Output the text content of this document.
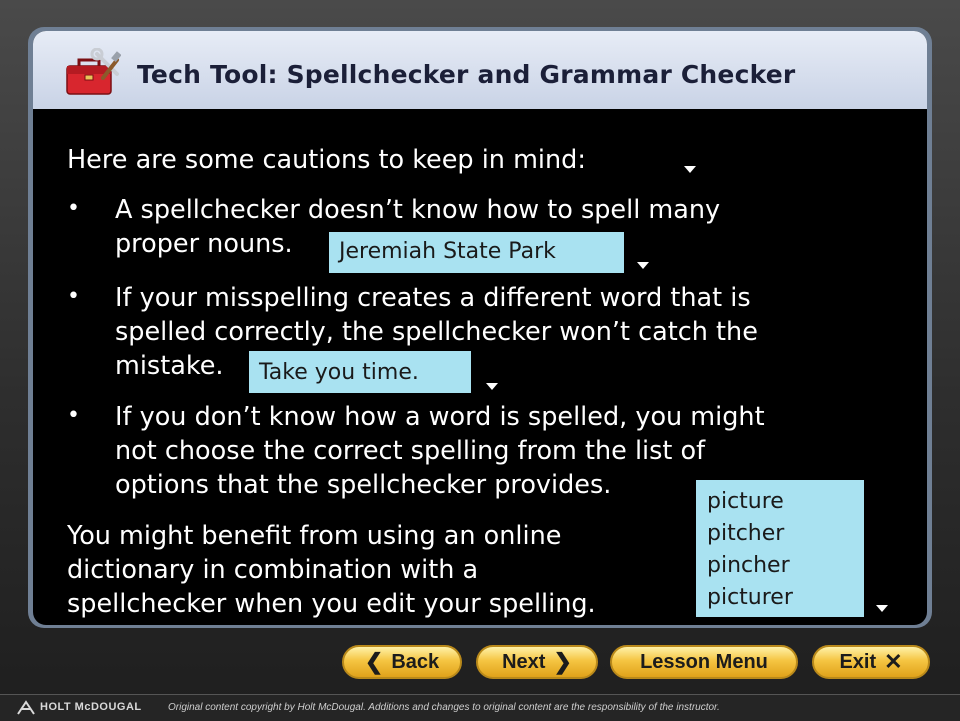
Tech Tool: Spellchecker and Grammar Checker
Here are some cautions to keep in mind:
• A spellchecker doesn’t know how to spell many
proper nouns.	Jeremiah State Park
• If your misspelling creates a different word that is
spelled correctly, the spellchecker won’t catch the
mistake.	Take you time.
• If you don’t know how a word is spelled, you might
not choose the correct spelling from the list of
options that the spellchecker provides.
You might benefit from using an online
dictionary in combination with a
spellchecker when you edit your spelling.
picture
pitcher
pincher
picturer
❮ Back	Next ❯	Lesson Menu	Exit ✕
HOLT McDOUGAL	Original content copyright by Holt McDougal. Additions and changes to original content are the responsibility of the instructor.
